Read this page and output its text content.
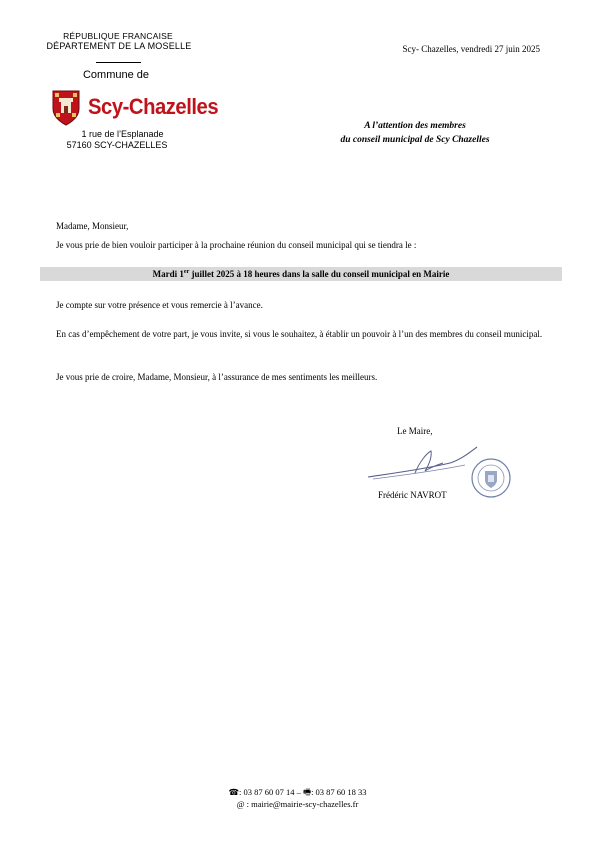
RÉPUBLIQUE FRANCAISE
DÉPARTEMENT DE LA MOSELLE
Commune de
Scy-Chazelles
1 rue de l’Esplanade
57160 SCY-CHAZELLES
Scy- Chazelles, vendredi 27 juin 2025
A l’attention des membres
du conseil municipal de Scy Chazelles
Madame, Monsieur,
Je vous prie de bien vouloir participer à la prochaine réunion du conseil municipal qui se tiendra le :
Mardi 1er juillet 2025 à 18 heures dans la salle du conseil municipal en Mairie
Je compte sur votre présence et vous remercie à l’avance.
En cas d’empêchement de votre part, je vous invite, si vous le souhaitez, à établir un pouvoir à l’un des membres du conseil municipal.
Je vous prie de croire, Madame, Monsieur, à l’assurance de mes sentiments les meilleurs.
Le Maire,
Frédéric NAVROT
☎: 03 87 60 07 14 – 🖷: 03 87 60 18 33
@ : mairie@mairie-scy-chazelles.fr
